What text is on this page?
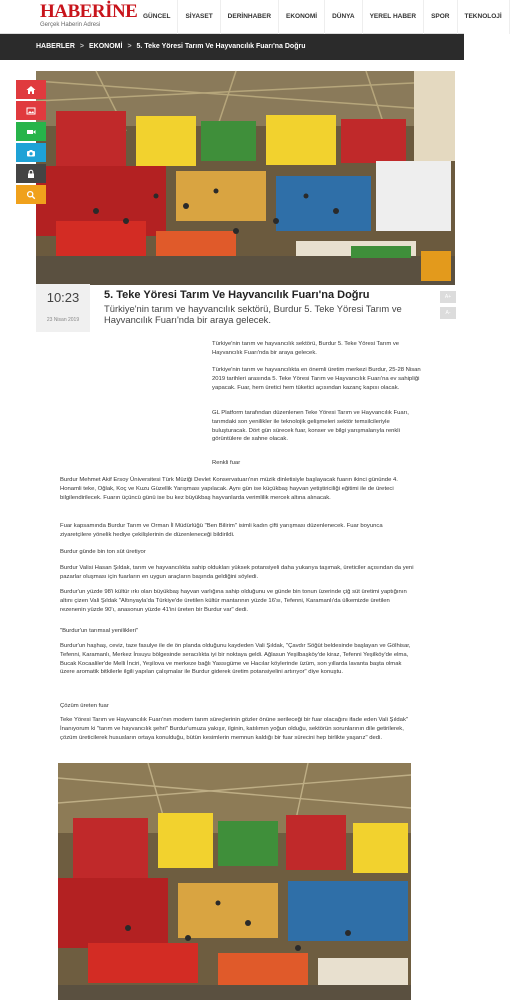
HABERİNE
Gerçek Haberin Adresi
GÜNCEL	SİYASET	DERİNHABER	EKONOMİ	DÜNYA	YEREL HABER	SPOR	TEKNOLOJİ
HABERLER > EKONOMİ > 5. Teke Yöresi Tarım Ve Hayvancılık Fuarı'na Doğru
10:23
23 Nisan 2019
5. Teke Yöresi Tarım Ve Hayvancılık Fuarı'na Doğru
Türkiye'nin tarım ve hayvancılık sektörü, Burdur 5. Teke Yöresi Tarım ve Hayvancılık Fuarı'nda bir araya gelecek.
A+
A-
Türkiye'nin tarım ve hayvancılık sektörü, Burdur 5. Teke Yöresi Tarım ve Hayvancılık Fuarı'nda bir araya gelecek.
Türkiye'nin tarım ve hayvancılıkta en önemli üretim merkezi Burdur, 25-28 Nisan 2019 tarihleri arasında 5. Teke Yöresi Tarım ve Hayvancılık Fuarı'na ev sahipliği yapacak. Fuar, hem üretici hem tüketici açısından kazanç kapısı olacak.
GL Platform tarafından düzenlenen Teke Yöresi Tarım ve Hayvancılık Fuarı, tarımdaki son yenilikler ile teknolojik gelişmeleri sektör temsilcileriyle buluşturacak. Dört gün sürecek fuar, konser ve bilgi yarışmalarıyla renkli görüntülere de sahne olacak.
Renkli fuar
Burdur Mehmet Akif Ersoy Üniversitesi Türk Müziği Devlet Konservatuarı'nın müzik dinletisiyle başlayacak fuarın ikinci gününde 4. Honamli teke, Oğlak, Koç ve Kuzu Güzellik Yarışması yapılacak. Aynı gün ise küçükbaş hayvan yetiştiriciliği eğitimi ile de üreteci bilgilendirilecek. Fuarın üçüncü günü ise bu kez büyükbaş hayvanlarda verimlilik mercek altına alınacak.
Fuar kapsamında Burdur Tarım ve Orman İl Müdürlüğü "Ben Bilirim" isimli kadın çifti yarışması düzenlenecek. Fuar boyunca ziyaretçilere yönelik hediye çekilişlerinin de düzenleneceği bildirildi.
Burdur günde bin ton süt üretiyor
Burdur Valisi Hasan Şıldak, tarım ve hayvancılıkta sahip oldukları yüksek potansiyeli daha yukarıya taşımak, üreticiler açısından da yeni pazarlar oluşması için fuarların en uygun araçların başında geldiğini söyledi.
Burdur'un yüzde 98'i kültür ırkı olan büyükbaş hayvan varlığına sahip olduğunu ve günde bin tonun üzerinde çiğ süt üretimi yaptığının altını çizen Vali Şıldak "Altınyayla'da Türkiye'de üretilen kültür mantarının yüzde 16'sı, Tefenni, Karamanlı'da ülkemizde üretilen rezenenin yüzde 90'ı, anasonun yüzde 41'ini üreten bir Burdur var" dedi.
"Burdur'un tarımsal yenilikleri"
Burdur'un haşhaş, ceviz, taze fasulye ile de ön planda olduğunu kaydeden Vali Şıldak, "Çavdır Söğüt beldesinde başlayan ve Gölhisar, Tefenni, Karamanlı, Merkez İnsuyu bölgesinde seracılıkta iyi bir noktaya geldi. Ağlasun Yeşilbaşköy'de kiraz, Tefenni Yeşilköy'de elma, Bucak Kocaaliler'de Melli İnciri, Yeşilova ve merkeze bağlı Yassıgüme ve Hacılar köylerinde üzüm, son yıllarda lavanta başta olmak üzere aromatik bitkilerle ilgili yapılan çalışmalar ile Burdur giderek üretim potansiyelini artırıyor" diye konuştu.
Çözüm üreten fuar
Teke Yöresi Tarım ve Hayvancılık Fuarı'nın modern tarım süreçlerinin gözler önüne serileceği bir fuar olacağını ifade eden Vali Şıldak" İnanıyorum ki "tarım ve hayvancılık şehri" Burdur'umuza yakışır, ilginin, katılımın yoğun olduğu, sektörün sorunlarının dile getirilerek, çözüm üreticilerek hususların ortaya konulduğu, bütün kesimlerin memnun kaldığı bir fuar sürecini hep birlikte yaşarız" dedi.
